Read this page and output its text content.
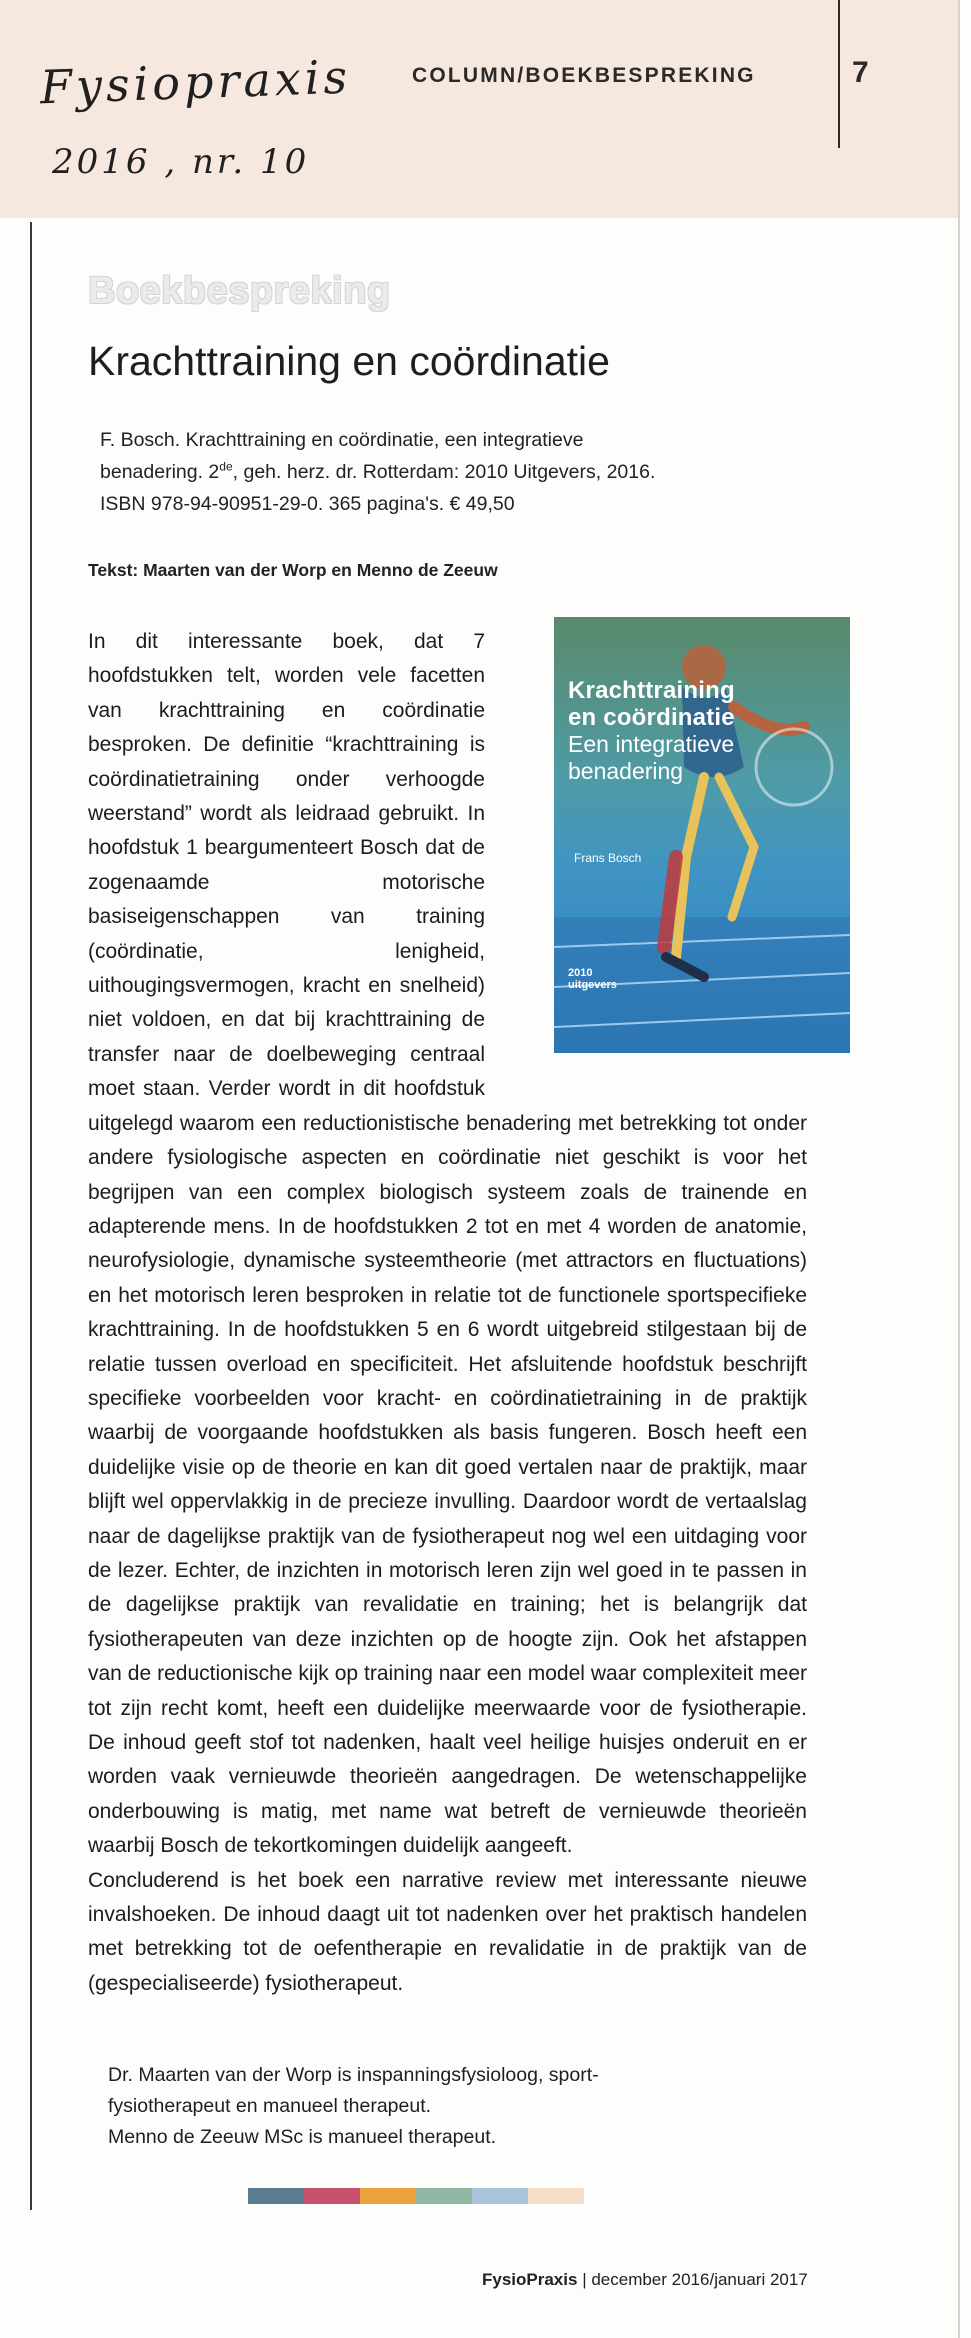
COLUMN/BOEKBESPREKING	7
Fysiopraxis
2016 , nr. 10
Boekbespreking
Krachttraining en coördinatie
F. Bosch. Krachttraining en coördinatie, een integratieve
benadering. 2de, geh. herz. dr. Rotterdam: 2010 Uitgevers, 2016.
ISBN 978-94-90951-29-0. 365 pagina's. € 49,50
Tekst: Maarten van der Worp en Menno de Zeeuw

In dit interessante boek, dat 7 hoofdstukken telt, worden vele facetten van krachttraining en coördinatie besproken. De definitie “krachttraining is coördinatietraining onder verhoogde weerstand” wordt als leidraad gebruikt. In hoofdstuk 1 beargumenteert Bosch dat de zogenaamde motorische basiseigenschappen van training (coördinatie, lenigheid, uithougingsvermogen, kracht en snelheid) niet voldoen, en dat bij krachttraining de transfer naar de doelbeweging centraal moet staan. Verder wordt in dit hoofdstuk uitgelegd waarom een reductionistische benadering met betrekking tot onder andere fysiologische aspecten en coördinatie niet geschikt is voor het begrijpen van een complex biologisch systeem zoals de trainende en adapterende mens. In de hoofdstukken 2 tot en met 4 worden de anatomie, neurofysiologie, dynamische systeemtheorie (met attractors en fluctuations) en het motorisch leren besproken in relatie tot de functionele sportspecifieke krachttraining. In de hoofdstukken 5 en 6 wordt uitgebreid stilgestaan bij de relatie tussen overload en specificiteit. Het afsluitende hoofdstuk beschrijft specifieke voorbeelden voor kracht- en coördinatietraining in de praktijk waarbij de voorgaande hoofdstukken als basis fungeren. Bosch heeft een duidelijke visie op de theorie en kan dit goed vertalen naar de praktijk, maar blijft wel oppervlakkig in de precieze invulling. Daardoor wordt de vertaalslag naar de dagelijkse praktijk van de fysiotherapeut nog wel een uitdaging voor de lezer. Echter, de inzichten in motorisch leren zijn wel goed in te passen in de dagelijkse praktijk van revalidatie en training; het is belangrijk dat fysiotherapeuten van deze inzichten op de hoogte zijn. Ook het afstappen van de reductionische kijk op training naar een model waar complexiteit meer tot zijn recht komt, heeft een duidelijke meerwaarde voor de fysiotherapie. De inhoud geeft stof tot nadenken, haalt veel heilige huisjes onderuit en er worden vaak vernieuwde theorieën aangedragen. De wetenschappelijke onderbouwing is matig, met name wat betreft de vernieuwde theorieën waarbij Bosch de tekortkomingen duidelijk aangeeft.

Concluderend is het boek een narrative review met interessante nieuwe invalshoeken. De inhoud daagt uit tot nadenken over het praktisch handelen met betrekking tot de oefentherapie en revalidatie in de praktijk van de (gespecialiseerde) fysiotherapeut.

Krachttraining
en coördinatie
Een integratieve
benadering
Frans Bosch
2010
uitgevers
Dr. Maarten van der Worp is inspanningsfysioloog, sport-
fysiotherapeut en manueel therapeut.
Menno de Zeeuw MSc is manueel therapeut.
FysioPraxis | december 2016/januari 2017
